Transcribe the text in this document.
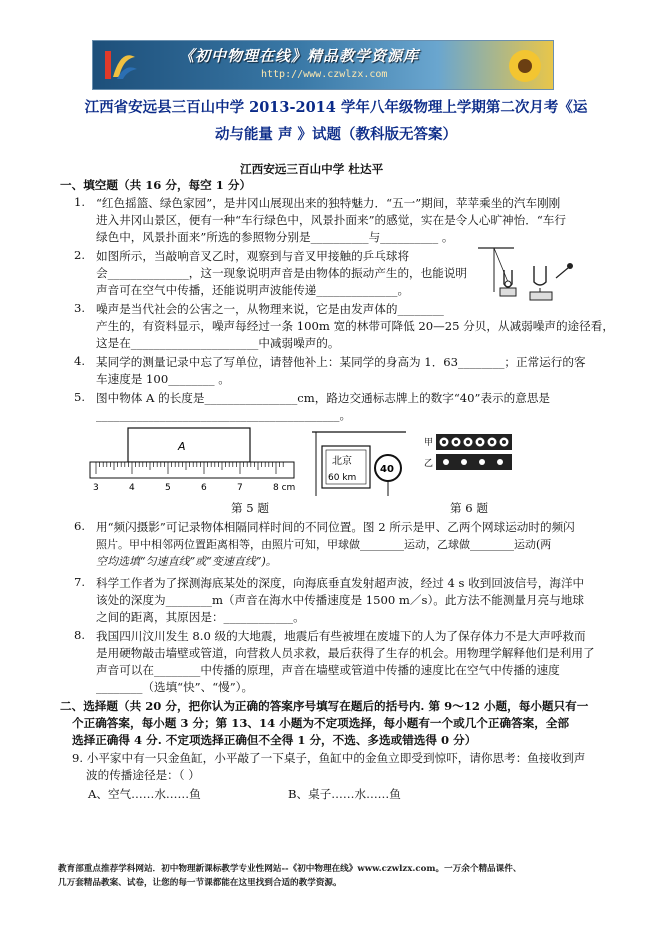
《初中物理在线》精品教学资源库
http://www.czwlzx.com
江西省安远县三百山中学 2013-2014 学年八年级物理上学期第二次月考《运
动与能量 声 》试题（教科版无答案）
江西安远三百山中学 杜达平
一、填空题（共 16 分，每空 1 分）
1. “红色摇篮、绿色家园”，是井冈山展现出来的独特魅力．“五一”期间，苹苹乘坐的汽车刚刚
进入井冈山景区，便有一种“车行绿色中，风景扑面来”的感觉，实在是令人心旷神怡．“车行
绿色中，风景扑面来”所选的参照物分别是__________与__________ 。
2. 如图所示，当敲响音叉乙时，观察到与音叉甲接触的乒乓球将
会______________，这一现象说明声音是由物体的振动产生的，也能说明
声音可在空气中传播，还能说明声波能传递______________。
3. 噪声是当代社会的公害之一，从物理来说，它是由发声体的________
产生的，有资料显示，噪声每经过一条 100m 宽的林带可降低 20—25 分贝，从减弱噪声的途径看，
这是在______________________中减弱噪声的。
4. 某同学的测量记录中忘了写单位，请替他补上：某同学的身高为 1．63________；正常运行的客
车速度是 100________ 。
5. 图中物体 A 的长度是________________cm，路边交通标志牌上的数字“40”表示的意思是
__________________________________________。
A
3	4	5	6	7	8 cm
北京
60 km
40
甲
乙
第 5 题	第 6 题
6. 用“频闪摄影”可记录物体相隔同样时间的不同位置。图 2 所示是甲、乙两个网球运动时的频闪
照片。甲中相邻两位置距离相等，由照片可知，甲球做________运动，乙球做________运动(两
空均选填“匀速直线”或“变速直线”)。
7. 科学工作者为了探测海底某处的深度，向海底垂直发射超声波，经过 4 s 收到回波信号，海洋中
该处的深度为________m（声音在海水中传播速度是 1500 m／s）。此方法不能测量月亮与地球
之间的距离，其原因是：____________。
8. 我国四川汶川发生 8.0 级的大地震，地震后有些被埋在废墟下的人为了保存体力不是大声呼救而
是用硬物敲击墙壁或管道，向营救人员求救，最后获得了生存的机会。用物理学解释他们是利用了
声音可以在________中传播的原理，声音在墙壁或管道中传播的速度比在空气中传播的速度
________（选填“快”、“慢”）。
二、选择题（共 20 分，把你认为正确的答案序号填写在题后的括号内. 第 9～12 小题，每小题只有一
个正确答案，每小题 3 分；第 13、14 小题为不定项选择，每小题有一个或几个正确答案，全部
选择正确得 4 分. 不定项选择正确但不全得 1 分，不选、多选或错选得 0 分）
9. 小平家中有一只金鱼缸，小平敲了一下桌子，鱼缸中的金鱼立即受到惊吓，请你思考：鱼接收到声
波的传播途径是：（ ）
A、空气……水……鱼	B、桌子……水……鱼
教育部重点推荐学科网站．初中物理新课标教学专业性网站--《初中物理在线》www.czwlzx.com。一万余个精品课件、
几万套精品教案、试卷，让您的每一节课都能在这里找到合适的教学资源。
